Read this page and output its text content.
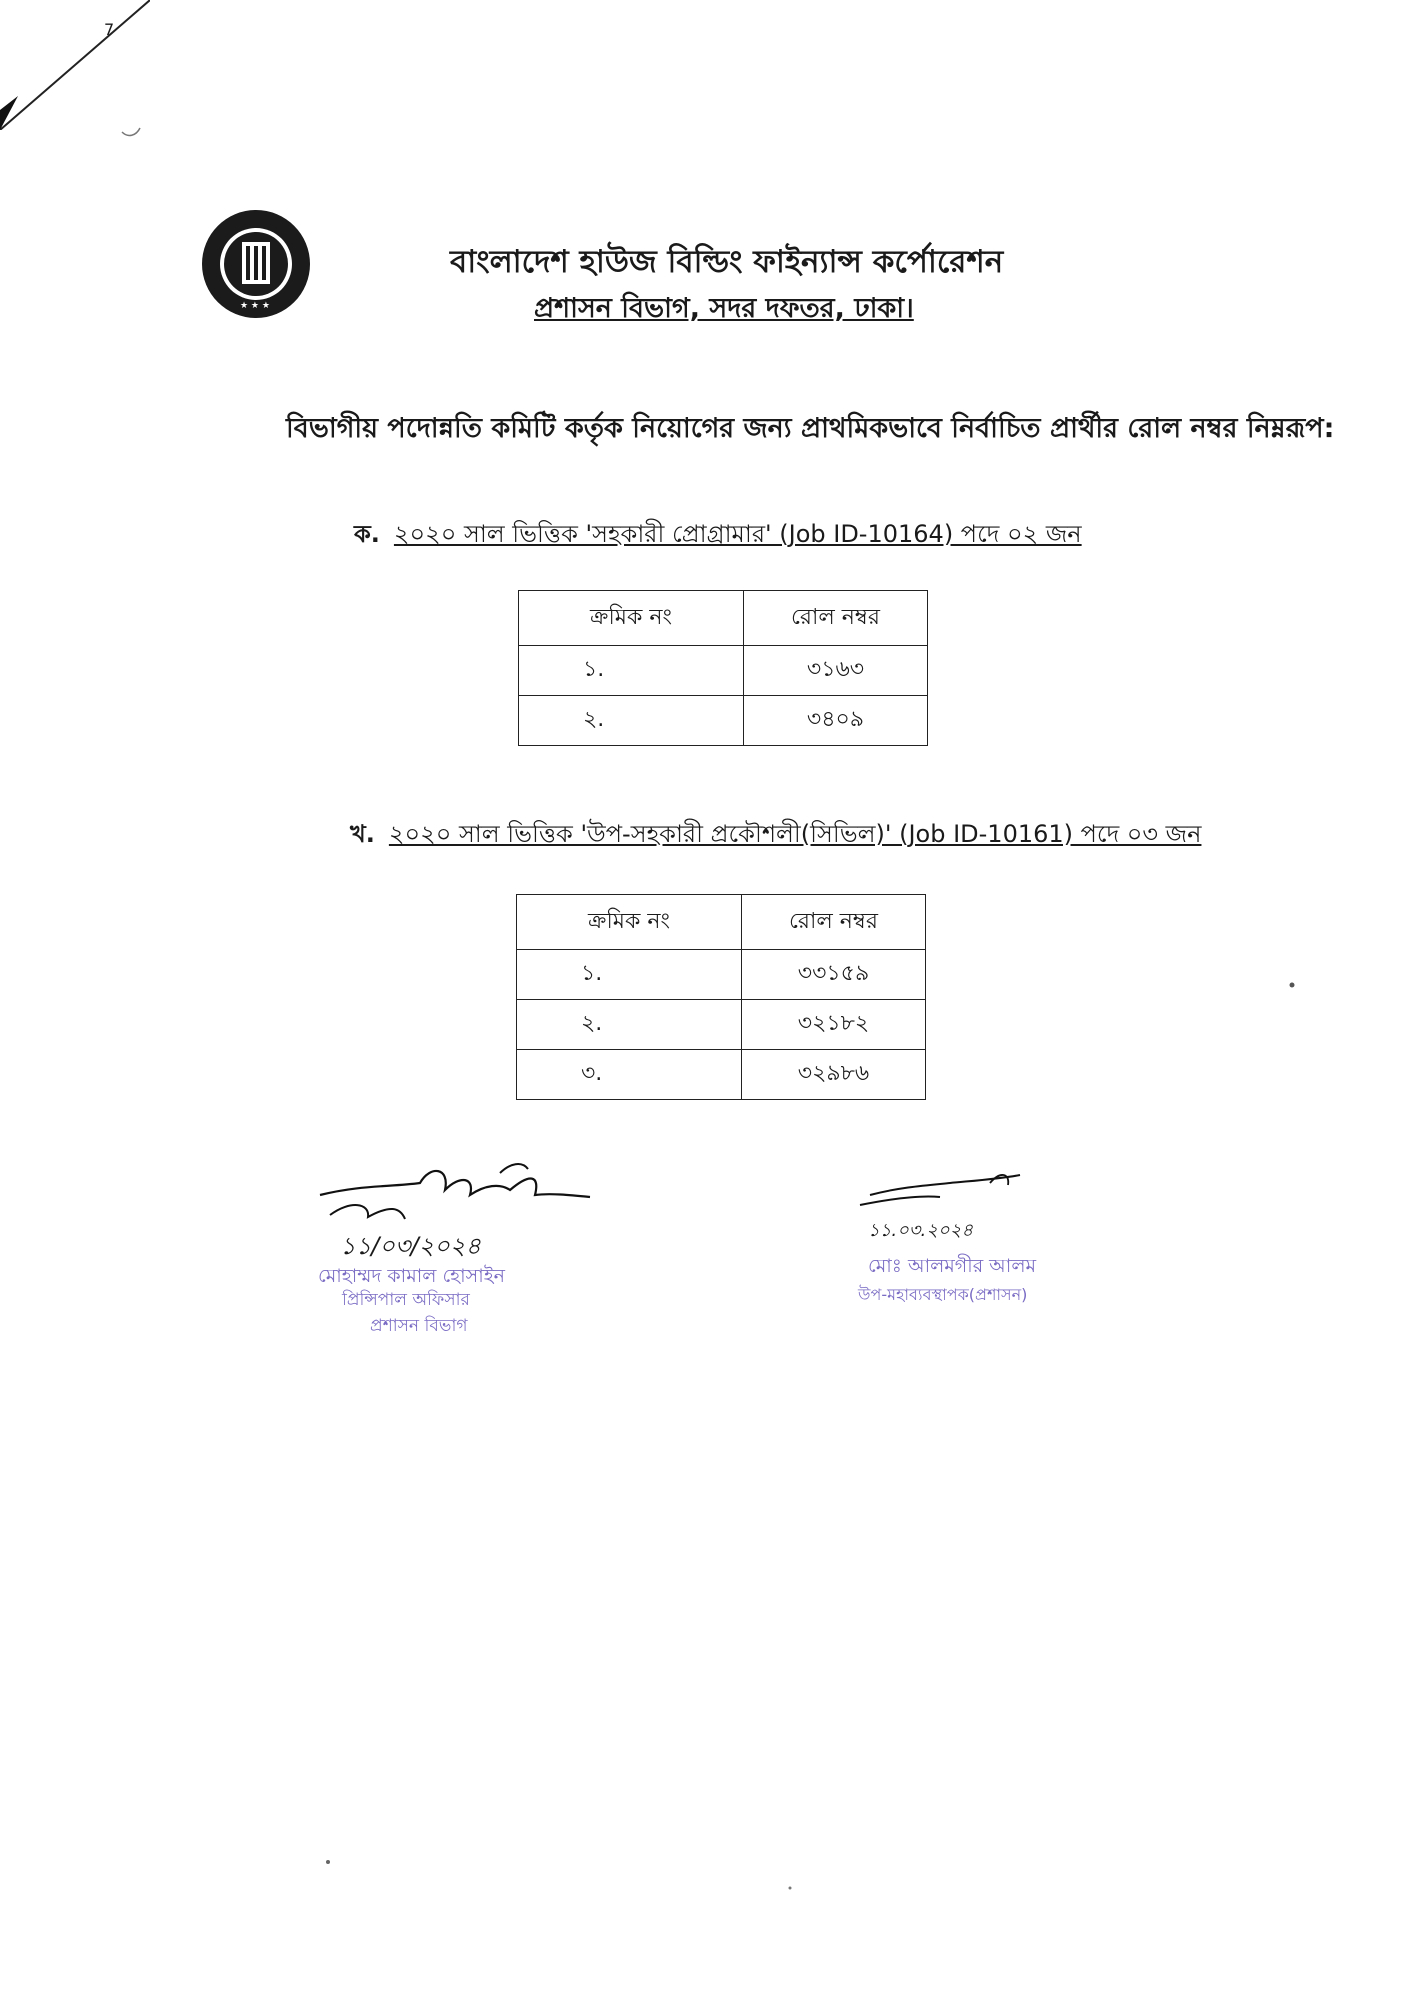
7
★ ★ ★
বাংলাদেশ হাউজ বিল্ডিং ফাইন্যান্স কর্পোরেশন
প্রশাসন বিভাগ, সদর দফতর, ঢাকা।
বিভাগীয় পদোন্নতি কমিটি কর্তৃক নিয়োগের জন্য প্রাথমিকভাবে নির্বাচিত প্রার্থীর রোল নম্বর নিম্নরূপ:
ক. ২০২০ সাল ভিত্তিক 'সহকারী প্রোগ্রামার' (Job ID-10164) পদে ০২ জন
ক্রমিক নং	রোল নম্বর
১.	৩১৬৩
২.	৩৪০৯
খ. ২০২০ সাল ভিত্তিক 'উপ-সহকারী প্রকৌশলী(সিভিল)' (Job ID-10161) পদে ০৩ জন
ক্রমিক নং	রোল নম্বর
১.	৩৩১৫৯
২.	৩২১৮২
৩.	৩২৯৮৬
১১/০৩/২০২৪
মোহাম্মদ কামাল হোসাইন
প্রিন্সিপাল অফিসার
প্রশাসন বিভাগ
১১.০৩.২০২৪
মোঃ আলমগীর আলম
উপ-মহাব্যবস্থাপক(প্রশাসন)
